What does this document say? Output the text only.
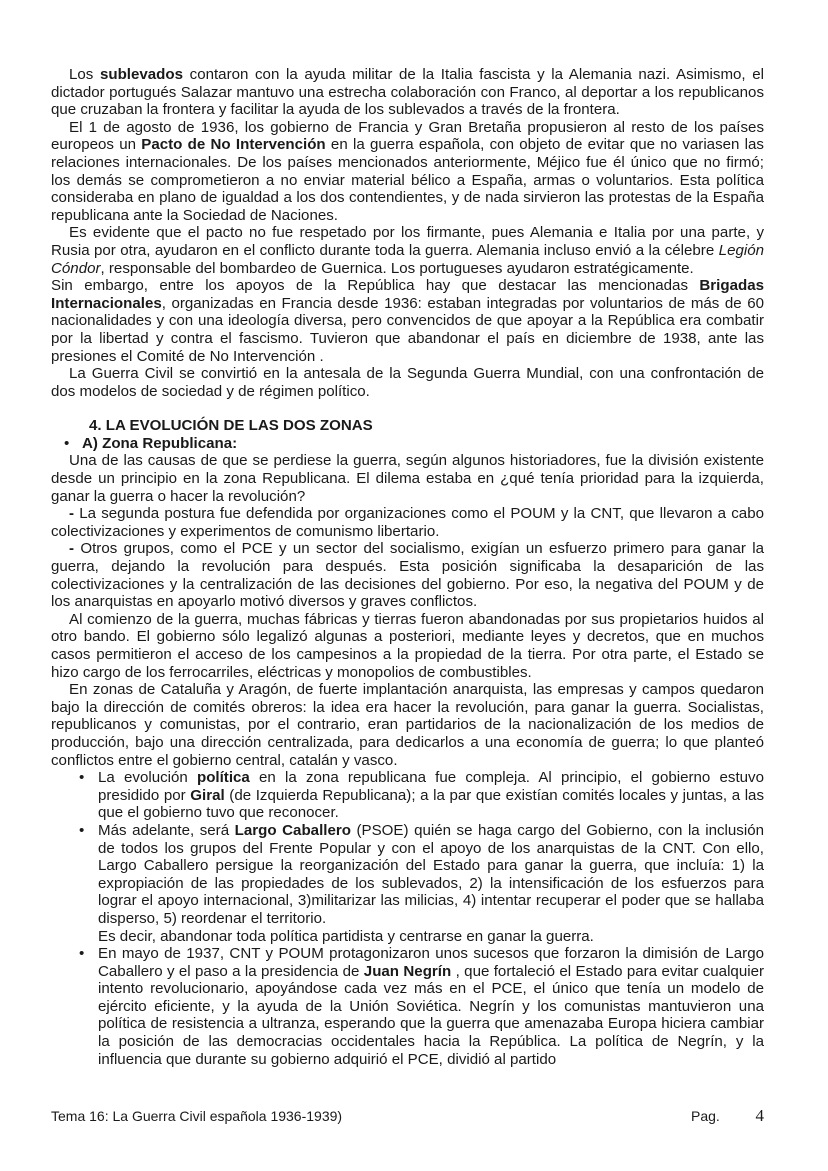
Los sublevados contaron con la ayuda militar de la Italia fascista y la Alemania nazi. Asimismo, el dictador portugués Salazar mantuvo una estrecha colaboración con Franco, al deportar a los republicanos que cruzaban la frontera y facilitar la ayuda de los sublevados a través de la frontera.

El 1 de agosto de 1936, los gobierno de Francia y Gran Bretaña propusieron al resto de los países europeos un Pacto de No Intervención en la guerra española, con objeto de evitar que no variasen las relaciones internacionales. De los países mencionados anteriormente, Méjico fue él único que no firmó; los demás se comprometieron a no enviar material bélico a España, armas o voluntarios. Esta política consideraba en plano de igualdad a los dos contendientes, y de nada sirvieron las protestas de la España republicana ante la Sociedad de Naciones.

Es evidente que el pacto no fue respetado por los firmante, pues Alemania e Italia por una parte, y Rusia por otra, ayudaron en el conflicto durante toda la guerra. Alemania incluso envió a la célebre Legión Cóndor, responsable del bombardeo de Guernica. Los portugueses ayudaron estratégicamente.

Sin embargo, entre los apoyos de la República hay que destacar las mencionadas Brigadas Internacionales, organizadas en Francia desde 1936: estaban integradas por voluntarios de más de 60 nacionalidades y con una ideología diversa, pero convencidos de que apoyar a la República era combatir por la libertad y contra el fascismo. Tuvieron que abandonar el país en diciembre de 1938, ante las presiones el Comité de No Intervención .

La Guerra Civil se convirtió en la antesala de la Segunda Guerra Mundial, con una confrontación de dos modelos de sociedad y de régimen político.

4. LA EVOLUCIÓN DE LAS DOS ZONAS
• A) Zona Republicana:

Una de las causas de que se perdiese la guerra, según algunos historiadores, fue la división existente desde un principio en la zona Republicana. El dilema estaba en ¿qué tenía prioridad para la izquierda, ganar la guerra o hacer la revolución?

- La segunda postura fue defendida por organizaciones como el POUM y la CNT, que llevaron a cabo colectivizaciones y experimentos de comunismo libertario.

- Otros grupos, como el PCE y un sector del socialismo, exigían un esfuerzo primero para ganar la guerra, dejando la revolución para después. Esta posición significaba la desaparición de las colectivizaciones y la centralización de las decisiones del gobierno. Por eso, la negativa del POUM y de los anarquistas en apoyarlo motivó diversos y graves conflictos.

Al comienzo de la guerra, muchas fábricas y tierras fueron abandonadas por sus propietarios huidos al otro bando. El gobierno sólo legalizó algunas a posteriori, mediante leyes y decretos, que en muchos casos permitieron el acceso de los campesinos a la propiedad de la tierra. Por otra parte, el Estado se hizo cargo de los ferrocarriles, eléctricas y monopolios de combustibles.

En zonas de Cataluña y Aragón, de fuerte implantación anarquista, las empresas y campos quedaron bajo la dirección de comités obreros: la idea era hacer la revolución, para ganar la guerra. Socialistas, republicanos y comunistas, por el contrario, eran partidarios de la nacionalización de los medios de producción, bajo una dirección centralizada, para dedicarlos a una economía de guerra; lo que planteó conflictos entre el gobierno central, catalán y vasco.

• La evolución política en la zona republicana fue compleja. Al principio, el gobierno estuvo presidido por Giral (de Izquierda Republicana); a la par que existían comités locales y juntas, a las que el gobierno tuvo que reconocer.
• Más adelante, será Largo Caballero (PSOE) quién se haga cargo del Gobierno, con la inclusión de todos los grupos del Frente Popular y con el apoyo de los anarquistas de la CNT. Con ello, Largo Caballero persigue la reorganización del Estado para ganar la guerra, que incluía: 1) la expropiación de las propiedades de los sublevados, 2) la intensificación de los esfuerzos para lograr el apoyo internacional, 3)militarizar las milicias, 4) intentar recuperar el poder que se hallaba disperso, 5) reordenar el territorio.
Es decir, abandonar toda política partidista y centrarse en ganar la guerra.
• En mayo de 1937, CNT y POUM protagonizaron unos sucesos que forzaron la dimisión de Largo Caballero y el paso a la presidencia de Juan Negrín , que fortaleció el Estado para evitar cualquier intento revolucionario, apoyándose cada vez más en el PCE, el único que tenía un modelo de ejército eficiente, y la ayuda de la Unión Soviética. Negrín y los comunistas mantuvieron una política de resistencia a ultranza, esperando que la guerra que amenazaba Europa hiciera cambiar la posición de las democracias occidentales hacia la República. La política de Negrín, y la influencia que durante su gobierno adquirió el PCE, dividió al partido
Tema 16: La Guerra Civil española 1936-1939)	Pag. 4
